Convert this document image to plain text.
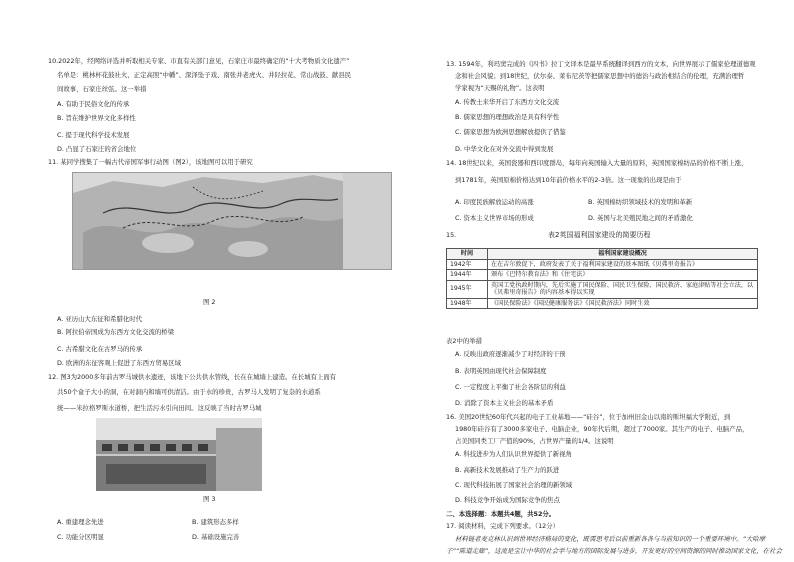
10.2022年，经网络评选并听取相关专家、市直有关部门意见，石家庄市最终确定的“十大考物质文化遗产”
名单是：桃林杯花鼓社火、正定高照“中幡”、深泽坠子戏、南张井老虎火、井陉拉花、常山战鼓、献县民
间故事，石家庄丝弦。这一举措
A. 有助于民俗文化的传承
B. 旨在维护世界文化多样性
C. 提于现代科学技术发展
D. 凸显了石家庄的省会地位
11. 某同学搜集了一幅古代帝国军事行动图（图2），该地图可以用于研究
图 2
A. 亚历山大东征和希腊化时代
B. 阿拉伯帝国成为东西方文化交流的桥梁
C. 古希腊文化在古罗马的传承
D. 欧洲的东征客观上促进了东西方贸易区域
12. 图3为2000多年前古罗马城供水遗迹，该地下公共供水管线，长在在城墙上建造。在长城有上面有
共50个盒子大小的洞，在对洞内和墙可供清洁。由于水的珍贵，古罗马人发明了复杂的水道系
统——米拉格罗斯水道桥，把生活污水引向田间。这反映了当时古罗马城
图 3
A. 重建理念先进	B. 建筑形态多样
C. 功能分区明显	D. 基础设施完善
13. 1594年，利玛窦完成的《四书》拉丁文译本是最早系统翻译到西方的文本，向世界展示了儒家伦理道德观
念和社会风貌；到18世纪，伏尔泰、莱布尼茨等把儒家思想中的德治与政治相结合的伦理，充满治理哲
学家视为“天赐的礼物”。这表明
A. 传教士来华开启了东西方文化交流
B. 儒家思想的理想政治是具有科学性
C. 儒家思想为欧洲思想解放提供了借鉴
D. 中华文化在对外交流中得到发展
14. 18世纪以来，英国瓷器和西印度群岛，每年向英国输入大量的原料，英国国家棉纺品的价格不断上涨，
到1781年，英国原棉价格达到10年前价格水平的2-3倍。这一现象的出现是由于
A. 印度民族解放运动的高涨	B. 英国棉纺织领域技术的发明和革新
C. 资本主义世界市场的形成	D. 英国与北美殖民地之间的矛盾激化
15.	表2英国福利国家建设的简要历程
时间	福利国家建设概况
1942年	在在吉尔敦促下，政府发表了关于福利国家建设的基本图纸《贝弗里奇报告》
1944年	颁布《巴特尔教育法》和《住宅法》
1945年	英国工党执政时期内，先后实施了国民保险、国民卫生保险、国民救济、家庭津贴等社会立法，以《贝弗里奇报告》的内容基本得以实现
1948年	《国民保险法》《国民健康服务法》《国民救济法》同时生效
表2中的举措
A. 反映出政府逐渐减少了对经济的干预
B. 表明英国由现代社会保障制度
C. 一定程度上平衡了社会各阶层的利益
D. 消除了资本主义社会的基本矛盾
16. 美国20世纪60年代兴起的电子工业基地——“硅谷”，位于加州旧金山以南的斯坦福大学附近，到
1980年硅谷有了3000多家电子、电脑企业，90年代后期，超过了7000家。其生产的电子、电脑产品，
占美国同类工厂产值的90%，占世界产量的1/4。这说明
A. 科技进步为人们认识世界提供了新视角
B. 高新技术发展推动了生产力的跃进
C. 现代科技拓展了国家社会治理的新领域
D. 科技竞争开始成为国际竞争的焦点
二、本选择题：本题共4题，共52分。
17. 阅读材料，完成下列要求。（12分）
材料链者麦克林认识到世界经济格局的变化，既需思考后以前重新各各与当前知识的一个重要环境中。“大哈摩
子”“陈道走廊”，这流是宝让中华的社会学与地方的国际发展与进步，开发更好的空间资源的同时推动国家文化，在社会
